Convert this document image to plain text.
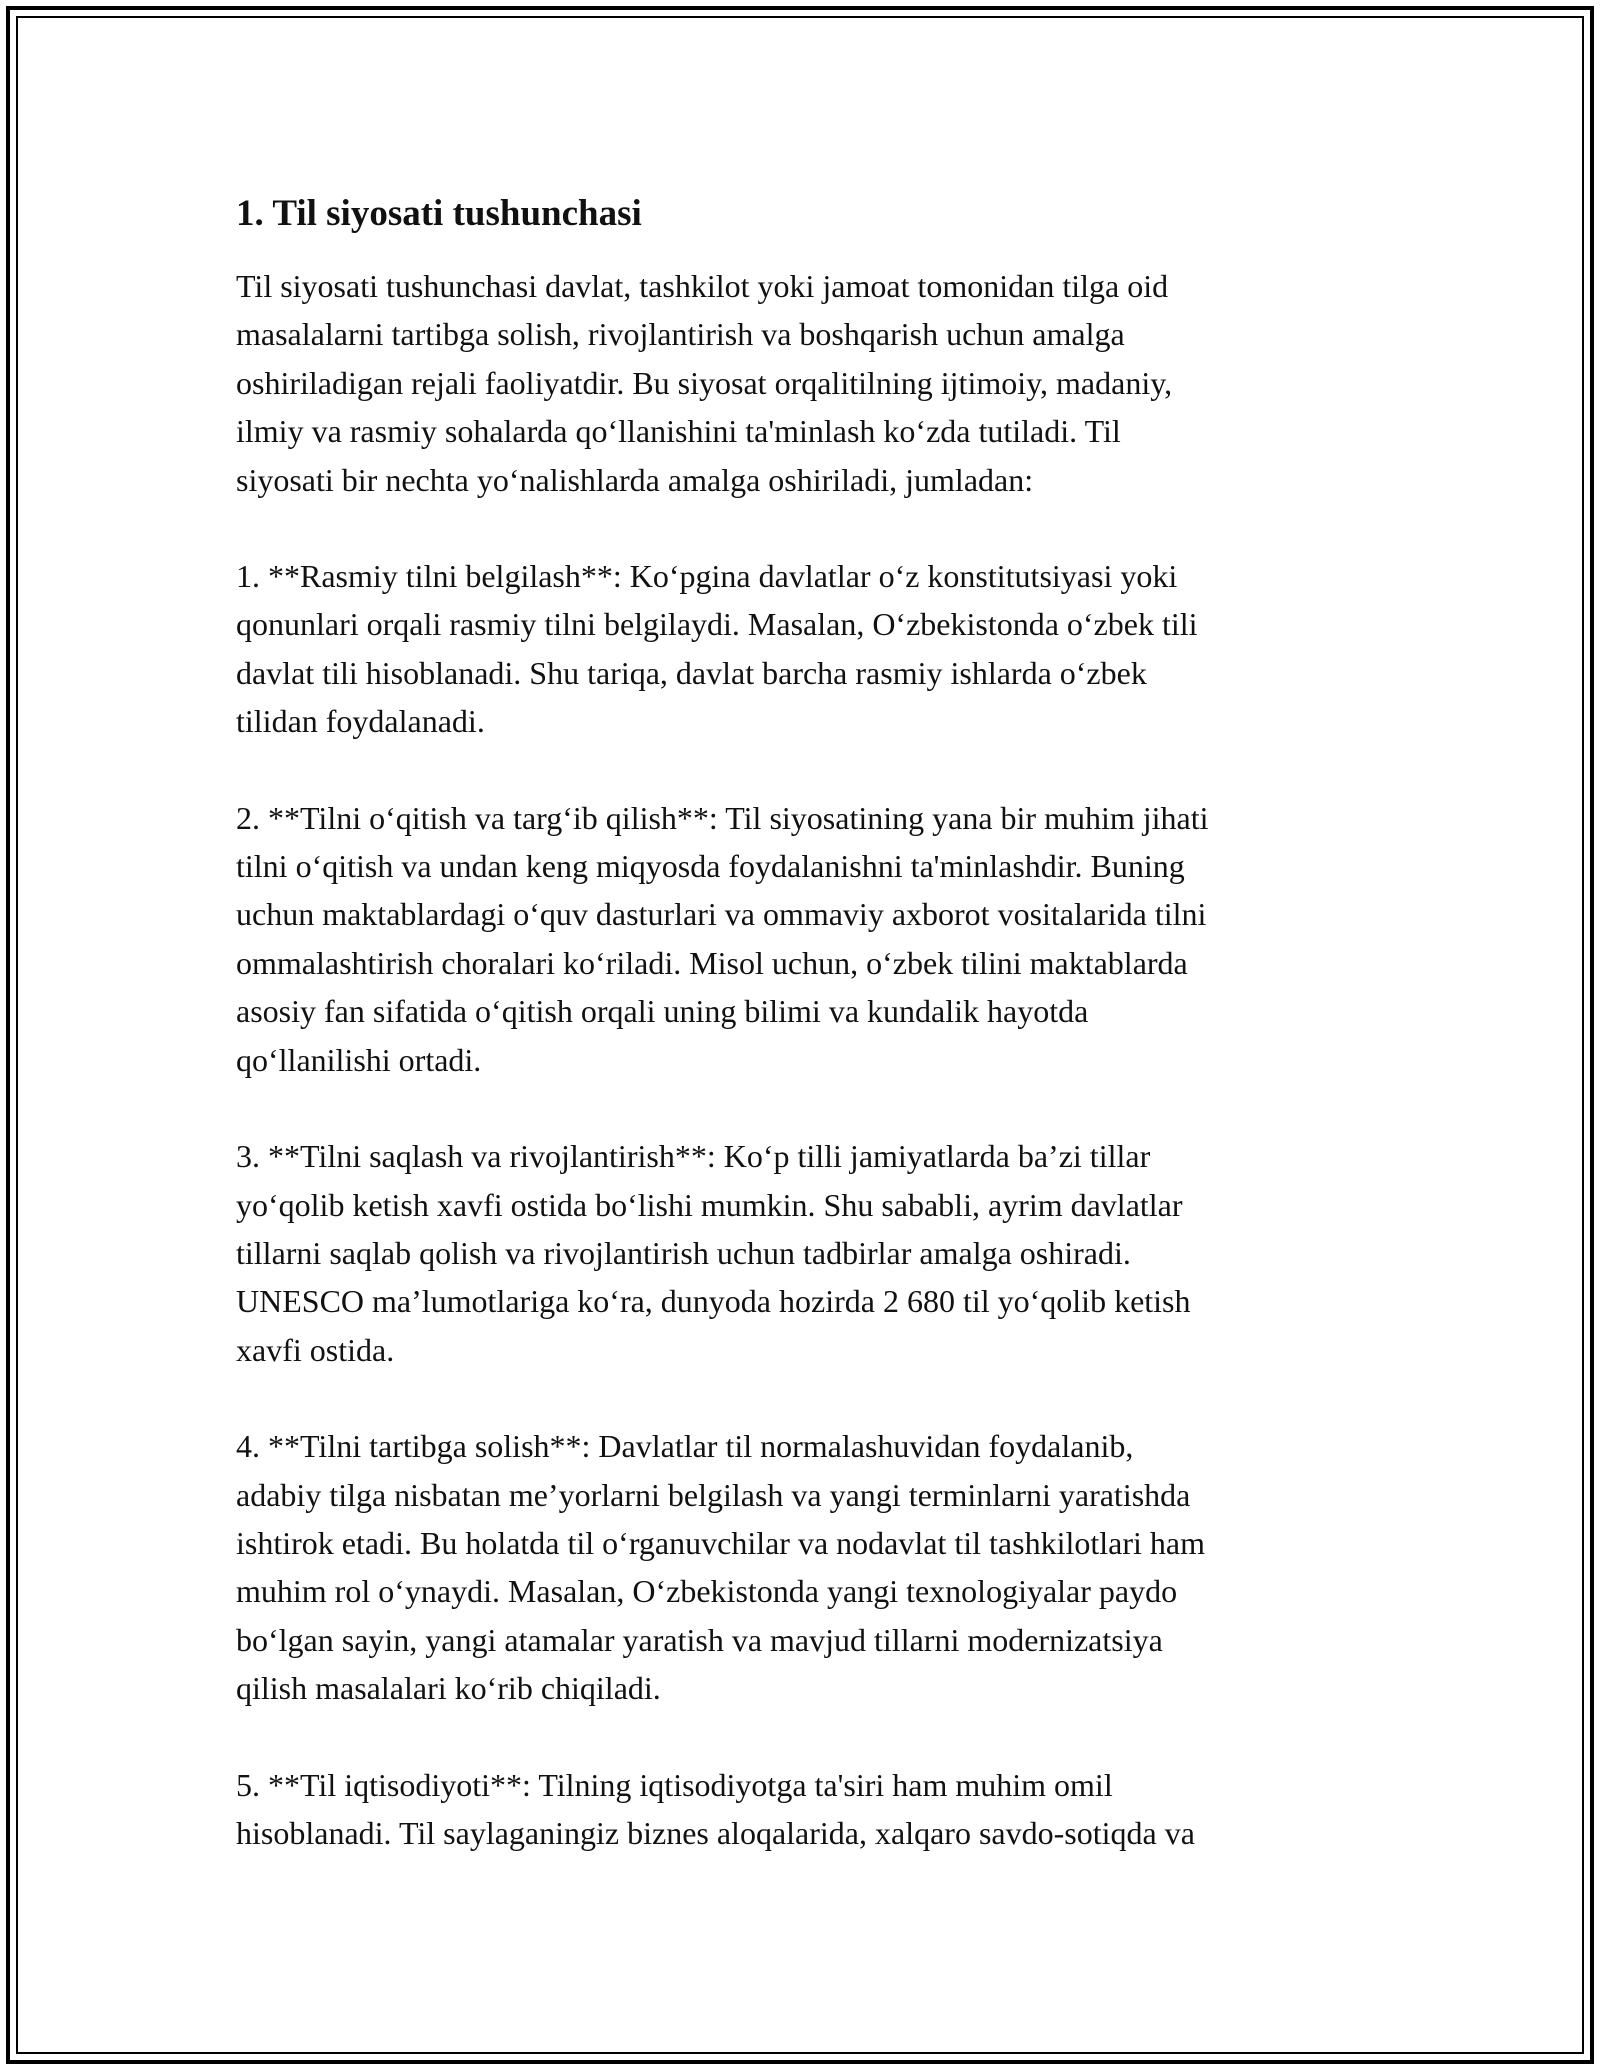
1. Til siyosati tushunchasi

Til siyosati tushunchasi davlat, tashkilot yoki jamoat tomonidan tilga oid
masalalarni tartibga solish, rivojlantirish va boshqarish uchun amalga
oshiriladigan rejali faoliyatdir. Bu siyosat orqalitilning ijtimoiy, madaniy,
ilmiy va rasmiy sohalarda qo‘llanishini ta'minlash ko‘zda tutiladi. Til
siyosati bir nechta yo‘nalishlarda amalga oshiriladi, jumladan:

1. **Rasmiy tilni belgilash**: Ko‘pgina davlatlar o‘z konstitutsiyasi yoki
qonunlari orqali rasmiy tilni belgilaydi. Masalan, O‘zbekistonda o‘zbek tili
davlat tili hisoblanadi. Shu tariqa, davlat barcha rasmiy ishlarda o‘zbek
tilidan foydalanadi.

2. **Tilni o‘qitish va targ‘ib qilish**: Til siyosatining yana bir muhim jihati
tilni o‘qitish va undan keng miqyosda foydalanishni ta'minlashdir. Buning
uchun maktablardagi o‘quv dasturlari va ommaviy axborot vositalarida tilni
ommalashtirish choralari ko‘riladi. Misol uchun, o‘zbek tilini maktablarda
asosiy fan sifatida o‘qitish orqali uning bilimi va kundalik hayotda
qo‘llanilishi ortadi.

3. **Tilni saqlash va rivojlantirish**: Ko‘p tilli jamiyatlarda ba’zi tillar
yo‘qolib ketish xavfi ostida bo‘lishi mumkin. Shu sababli, ayrim davlatlar
tillarni saqlab qolish va rivojlantirish uchun tadbirlar amalga oshiradi.
UNESCO ma’lumotlariga ko‘ra, dunyoda hozirda 2 680 til yo‘qolib ketish
xavfi ostida.

4. **Tilni tartibga solish**: Davlatlar til normalashuvidan foydalanib,
adabiy tilga nisbatan me’yorlarni belgilash va yangi terminlarni yaratishda
ishtirok etadi. Bu holatda til o‘rganuvchilar va nodavlat til tashkilotlari ham
muhim rol o‘ynaydi. Masalan, O‘zbekistonda yangi texnologiyalar paydo
bo‘lgan sayin, yangi atamalar yaratish va mavjud tillarni modernizatsiya
qilish masalalari ko‘rib chiqiladi.

5. **Til iqtisodiyoti**: Tilning iqtisodiyotga ta'siri ham muhim omil
hisoblanadi. Til saylaganingiz biznes aloqalarida, xalqaro savdo-sotiqda va
